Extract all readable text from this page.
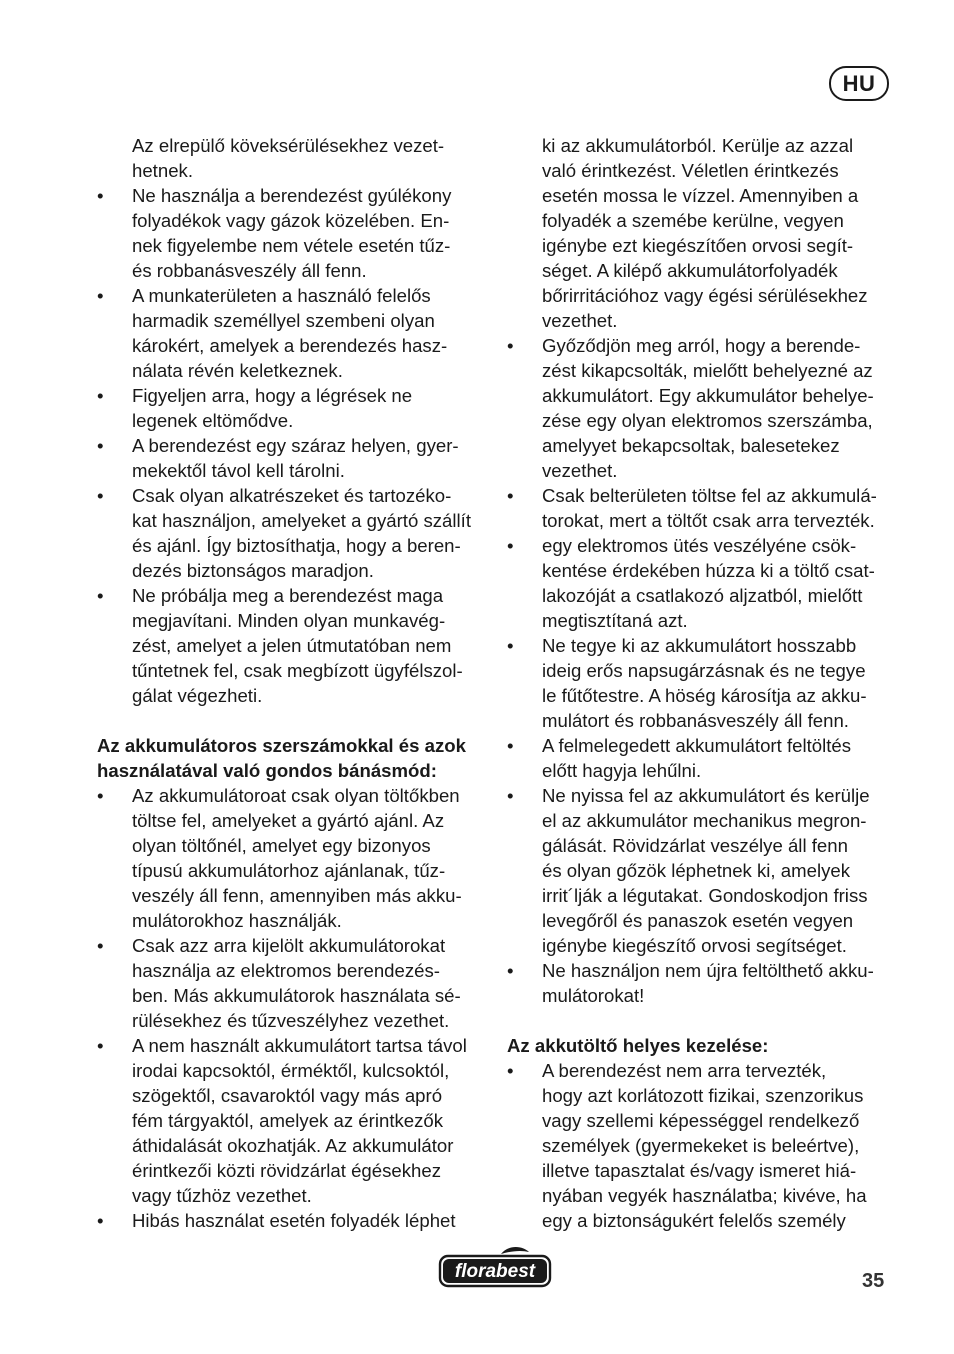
HU
Az elrepülő köveksérülésekhez vezet-
hetnek.
• Ne használja a berendezést gyúlékony
folyadékok vagy gázok közelében. En-
nek figyelembe nem vétele esetén tűz-
és robbanásveszély áll fenn.
• A munkaterületen a használó felelős
harmadik személlyel szembeni olyan
károkért, amelyek a berendezés hasz-
nálata révén keletkeznek.
• Figyeljen arra, hogy a légrések ne
legenek eltömődve.
• A berendezést egy száraz helyen, gyer-
mekektől távol kell tárolni.
• Csak olyan alkatrészeket és tartozéko-
kat használjon, amelyeket a gyártó szállít
és ajánl. Így biztosíthatja, hogy a beren-
dezés biztonságos maradjon.
• Ne próbálja meg a berendezést maga
megjavítani. Minden olyan munkavég-
zést, amelyet a jelen útmutatóban nem
tűntetnek fel, csak megbízott ügyfélszol-
gálat végezheti.
Az akkumulátoros szerszámokkal és azok
használatával való gondos bánásmód:
• Az akkumulátoroat csak olyan töltőkben
töltse fel, amelyeket a gyártó ajánl. Az
olyan töltőnél, amelyet egy bizonyos
típusú akkumulátorhoz ajánlanak, tűz-
veszély áll fenn, amennyiben más akku-
mulátorokhoz használják.
• Csak azz arra kijelölt akkumulátorokat
használja az elektromos berendezés-
ben. Más akkumulátorok használata sé-
rülésekhez és tűzveszélyhez vezethet.
• A nem használt akkumulátort tartsa távol
irodai kapcsoktól, érméktől, kulcsoktól,
szögektől, csavaroktól vagy más apró
fém tárgyaktól, amelyek az érintkezők
áthidalását okozhatják. Az akkumulátor
érintkezői közti rövidzárlat égésekhez
vagy tűzhöz vezethet.
• Hibás használat esetén folyadék léphet
ki az akkumulátorból. Kerülje az azzal
való érintkezést. Véletlen érintkezés
esetén mossa le vízzel. Amennyiben a
folyadék a szemébe kerülne, vegyen
igénybe ezt kiegészítően orvosi segít-
séget. A kilépő akkumulátorfolyadék
bőrirritációhoz vagy égési sérülésekhez
vezethet.
• Győződjön meg arról, hogy a berende-
zést kikapcsolták, mielőtt behelyezné az
akkumulátort. Egy akkumulátor behelye-
zése egy olyan elektromos szerszámba,
amelyyet bekapcsoltak, balesetekez
vezethet.
• Csak belterületen töltse fel az akkumulá-
torokat, mert a töltőt csak arra tervezték.
• egy elektromos ütés veszélyéne csök-
kentése érdekében húzza ki a töltő csat-
lakozóját a csatlakozó aljzatból, mielőtt
megtisztítaná azt.
• Ne tegye ki az akkumulátort hosszabb
ideig erős napsugárzásnak és ne tegye
le fűtőtestre. A höség károsítja az akku-
mulátort és robbanásveszély áll fenn.
• A felmelegedett akkumulátort feltöltés
előtt hagyja lehűlni.
• Ne nyissa fel az akkumulátort és kerülje
el az akkumulátor mechanikus megron-
gálását. Rövidzárlat veszélye áll fenn
és olyan gőzök léphetnek ki, amelyek
irrit´lják a légutakat. Gondoskodjon friss
levegőről és panaszok esetén vegyen
igénybe kiegészítő orvosi segítséget.
• Ne használjon nem újra feltölthető akku-
mulátorokat!
Az akkutöltő helyes kezelése:
• A berendezést nem arra tervezték,
hogy azt korlátozott fizikai, szenzorikus
vagy szellemi képességgel rendelkező
személyek (gyermekeket is beleértve),
illetve tapasztalat és/vagy ismeret hiá-
nyában vegyék használatba; kivéve, ha
egy a biztonságukért felelős személy
florabest	35
